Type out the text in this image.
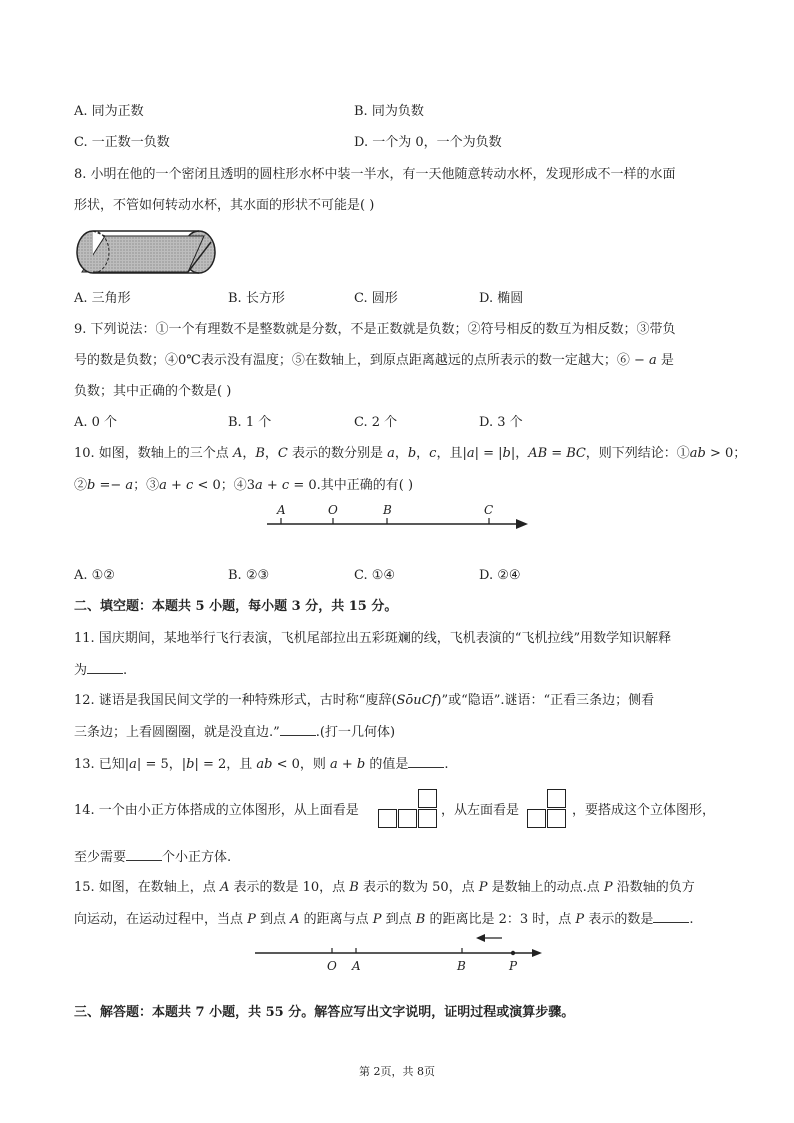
A. 同为正数	B. 同为负数
C. 一正数一负数	D. 一个为 0，一个为负数
8. 小明在他的一个密闭且透明的圆柱形水杯中装一半水，有一天他随意转动水杯，发现形成不一样的水面
形状，不管如何转动水杯，其水面的形状不可能是( )
A. 三角形	B. 长方形	C. 圆形	D. 椭圆
9. 下列说法：①一个有理数不是整数就是分数，不是正数就是负数；②符号相反的数互为相反数；③带负
号的数是负数；④0℃表示没有温度；⑤在数轴上，到原点距离越远的点所表示的数一定越大；⑥ − 𝑎 是
负数；其中正确的个数是( )
A. 0 个	B. 1 个	C. 2 个	D. 3 个
10. 如图，数轴上的三个点 𝐴，𝐵，𝐶 表示的数分别是 𝑎，𝑏，𝑐，且|𝑎| = |𝑏|，𝐴𝐵 = 𝐵𝐶，则下列结论：①𝑎𝑏 > 0；
②𝑏 =− 𝑎；③𝑎 + 𝑐 < 0；④3𝑎 + 𝑐 = 0.其中正确的有( )
A	O	B	C
A. ①②	B. ②③	C. ①④	D. ②④
二、填空题：本题共 5 小题，每小题 3 分，共 15 分。
11. 国庆期间，某地举行飞行表演，飞机尾部拉出五彩斑斓的线，飞机表演的“飞机拉线”用数学知识解释
为	.
12. 谜语是我国民间文学的一种特殊形式，古时称“廋辞(𝑆𝑜̄𝑢𝐶𝑓)”或“隐语”.谜语：“正看三条边；侧看
三条边；上看圆圈圈，就是没直边.”	.(打一几何体)
13. 已知|𝑎| = 5，|𝑏| = 2，且 𝑎𝑏 < 0，则 𝑎 + 𝑏 的值是	.
14. 一个由小正方体搭成的立体图形，从上面看是	，从左面看是	，要搭成这个立体图形，
至少需要	个小正方体.
15. 如图，在数轴上，点 𝐴 表示的数是 10，点 𝐵 表示的数为 50，点 𝑃 是数轴上的动点.点 𝑃 沿数轴的负方
向运动，在运动过程中，当点 𝑃 到点 𝐴 的距离与点 𝑃 到点 𝐵 的距离比是 2：3 时，点 𝑃 表示的数是	.
O A	B	P
三、解答题：本题共 7 小题，共 55 分。解答应写出文字说明，证明过程或演算步骤。
第 2页，共 8页
